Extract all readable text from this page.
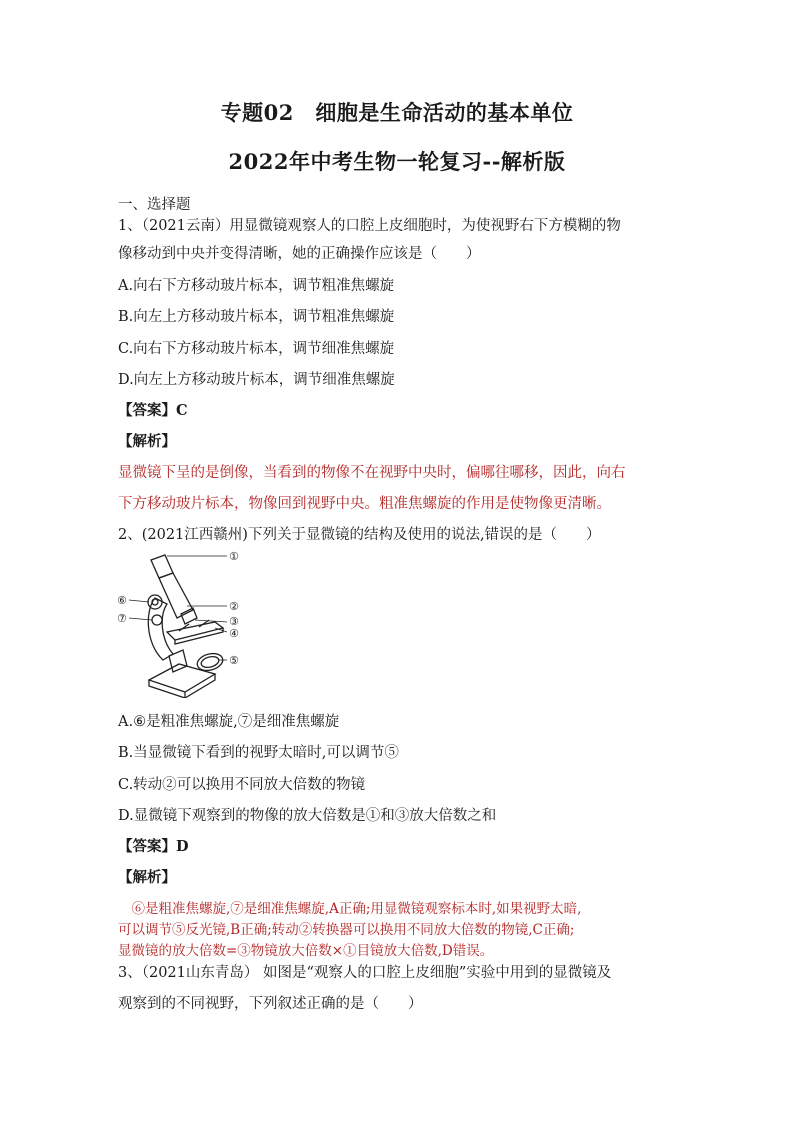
专题02　细胞是生命活动的基本单位
2022年中考生物一轮复习--解析版
一、选择题
1、（2021云南）用显微镜观察人的口腔上皮细胞时，为使视野右下方模糊的物
像移动到中央并变得清晰，她的正确操作应该是（　　）
A.向右下方移动玻片标本，调节粗准焦螺旋
B.向左上方移动玻片标本，调节粗准焦螺旋
C.向右下方移动玻片标本，调节细准焦螺旋
D.向左上方移动玻片标本，调节细准焦螺旋
【答案】C
【解析】
显微镜下呈的是倒像，当看到的物像不在视野中央时，偏哪往哪移，因此，向右
下方移动玻片标本，物像回到视野中央。粗准焦螺旋的作用是使物像更清晰。
2、(2021江西赣州)下列关于显微镜的结构及使用的说法,错误的是（　　）
①
②
③
④
⑤
⑥
⑦
A.⑥是粗准焦螺旋,⑦是细准焦螺旋
B.当显微镜下看到的视野太暗时,可以调节⑤
C.转动②可以换用不同放大倍数的物镜
D.显微镜下观察到的物像的放大倍数是①和③放大倍数之和
【答案】D
【解析】
　⑥是粗准焦螺旋,⑦是细准焦螺旋,A正确;用显微镜观察标本时,如果视野太暗,
可以调节⑤反光镜,B正确;转动②转换器可以换用不同放大倍数的物镜,C正确;
显微镜的放大倍数=③物镜放大倍数×①目镜放大倍数,D错误。
3、（2021山东青岛） 如图是“观察人的口腔上皮细胞”实验中用到的显微镜及
观察到的不同视野，下列叙述正确的是（　　）
